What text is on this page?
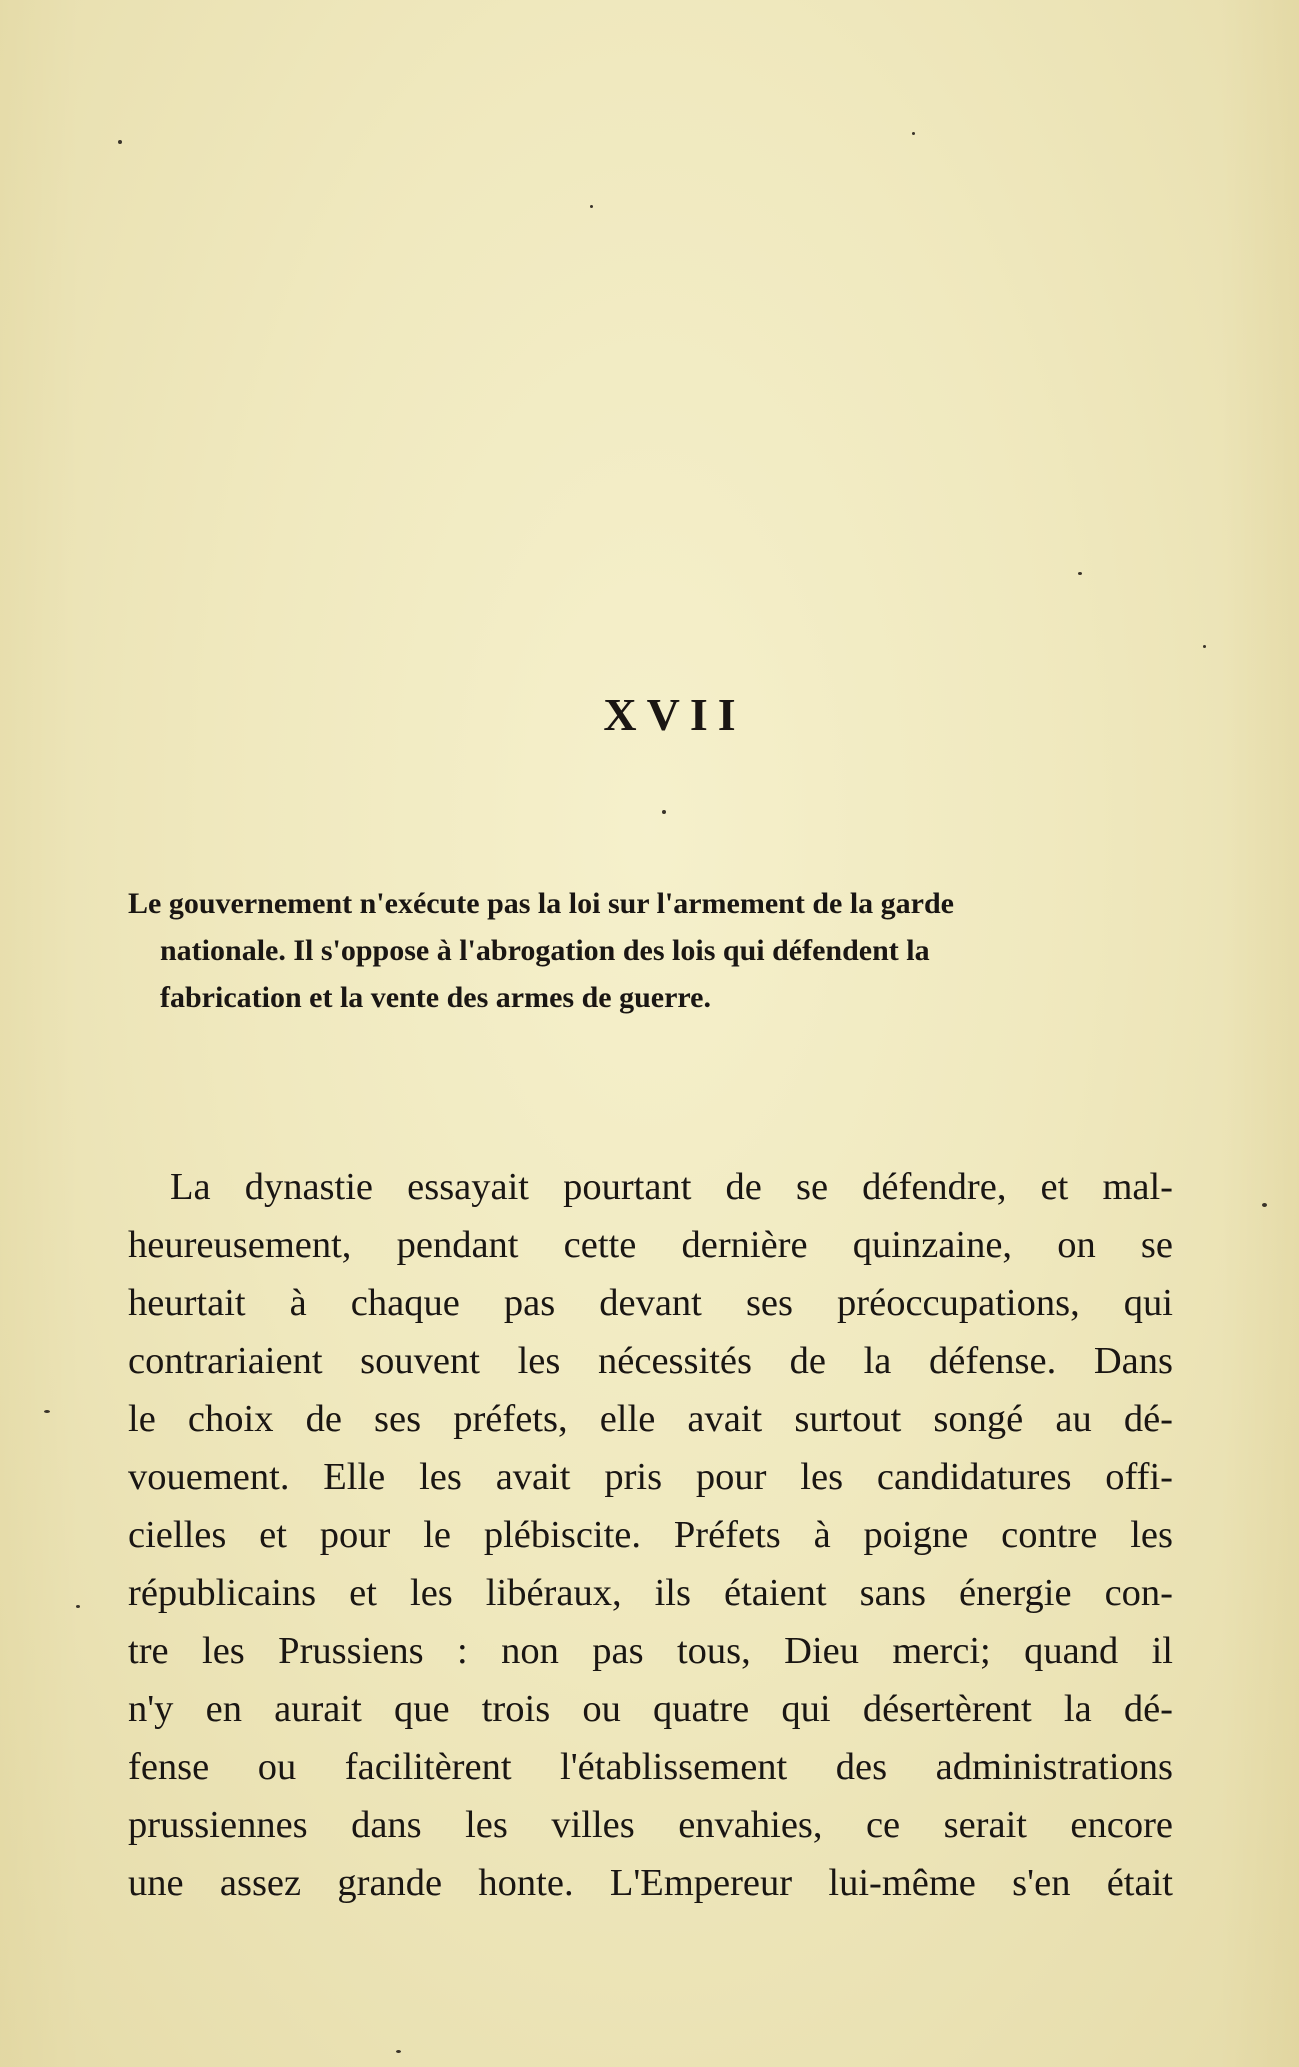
XVII
Le gouvernement n'exécute pas la loi sur l'armement de la garde
nationale. Il s'oppose à l'abrogation des lois qui défendent la
fabrication et la vente des armes de guerre.
La dynastie essayait pourtant de se défendre, et mal-
heureusement, pendant cette dernière quinzaine, on se
heurtait à chaque pas devant ses préoccupations, qui
contrariaient souvent les nécessités de la défense. Dans
le choix de ses préfets, elle avait surtout songé au dé-
vouement. Elle les avait pris pour les candidatures offi-
cielles et pour le plébiscite. Préfets à poigne contre les
républicains et les libéraux, ils étaient sans énergie con-
tre les Prussiens : non pas tous, Dieu merci; quand il
n'y en aurait que trois ou quatre qui désertèrent la dé-
fense ou facilitèrent l'établissement des administrations
prussiennes dans les villes envahies, ce serait encore
une assez grande honte. L'Empereur lui-même s'en était
